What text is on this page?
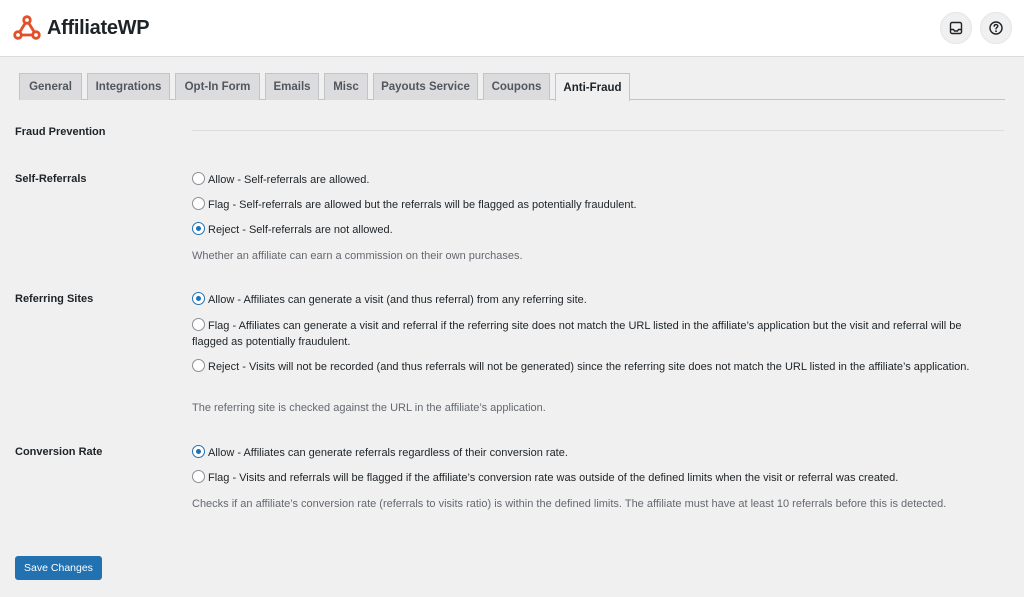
AffiliateWP
General	Integrations	Opt-In Form	Emails	Misc	Payouts Service	Coupons	Anti-Fraud
Fraud Prevention
Self-Referrals	Allow - Self-referrals are allowed.
Flag - Self-referrals are allowed but the referrals will be flagged as potentially fraudulent.
Reject - Self-referrals are not allowed.
Whether an affiliate can earn a commission on their own purchases.
Referring Sites	Allow - Affiliates can generate a visit (and thus referral) from any referring site.
Flag - Affiliates can generate a visit and referral if the referring site does not match the URL listed in the affiliate’s application but the visit and referral will be flagged as potentially fraudulent.
Reject - Visits will not be recorded (and thus referrals will not be generated) since the referring site does not match the URL listed in the affiliate’s application.
The referring site is checked against the URL in the affiliate’s application.
Conversion Rate	Allow - Affiliates can generate referrals regardless of their conversion rate.
Flag - Visits and referrals will be flagged if the affiliate’s conversion rate was outside of the defined limits when the visit or referral was created.
Checks if an affiliate’s conversion rate (referrals to visits ratio) is within the defined limits. The affiliate must have at least 10 referrals before this is detected.
Save Changes
